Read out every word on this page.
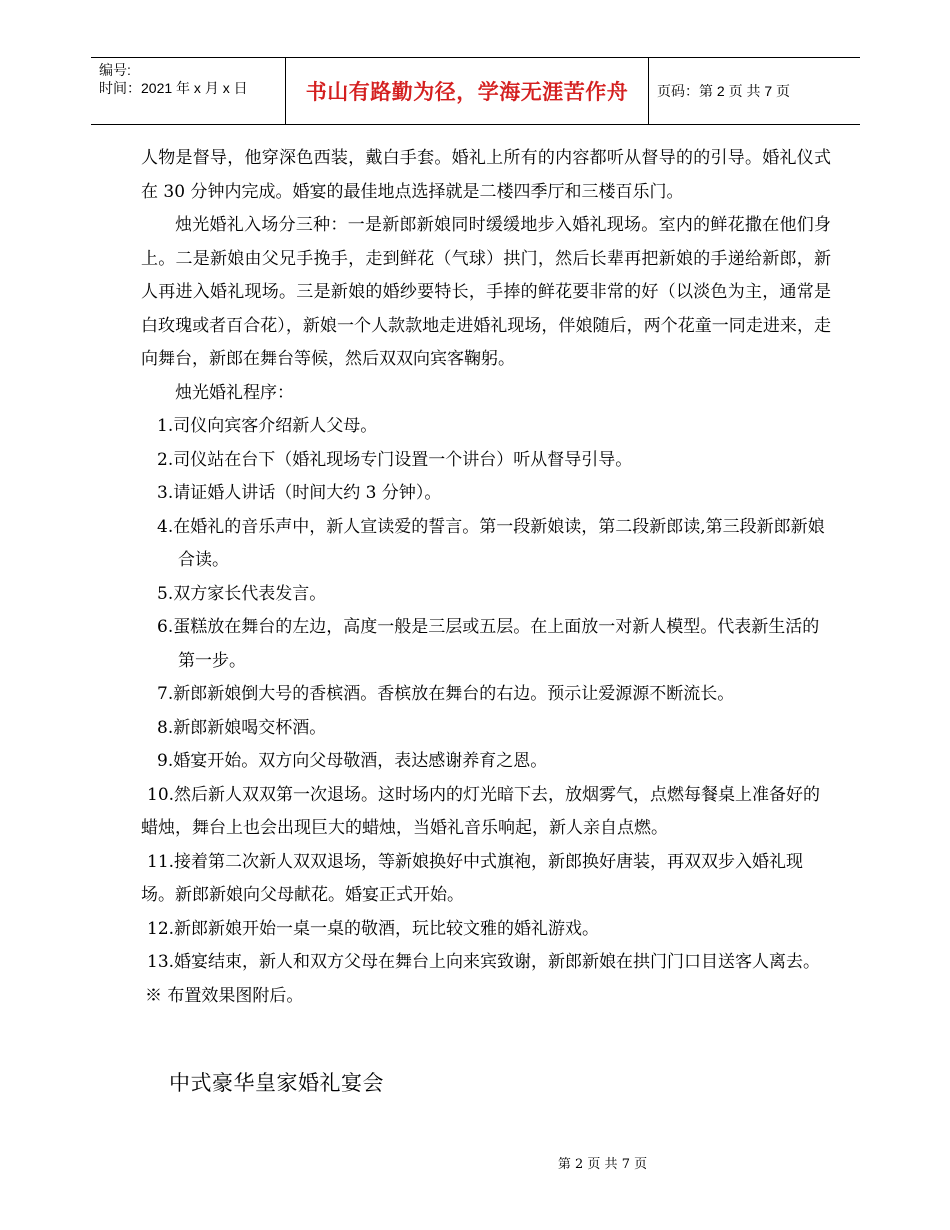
编号:
时间：2021 年 x 月 x 日	书山有路勤为径，学海无涯苦作舟 页码：第 2 页 共 7 页

人物是督导，他穿深色西装，戴白手套。婚礼上所有的内容都听从督导的的引导。婚礼仪式在 30 分钟内完成。婚宴的最佳地点选择就是二楼四季厅和三楼百乐门。

烛光婚礼入场分三种：一是新郎新娘同时缓缓地步入婚礼现场。室内的鲜花撒在他们身上。二是新娘由父兄手挽手，走到鲜花（气球）拱门，然后长辈再把新娘的手递给新郎，新人再进入婚礼现场。三是新娘的婚纱要特长，手捧的鲜花要非常的好（以淡色为主，通常是白玫瑰或者百合花），新娘一个人款款地走进婚礼现场，伴娘随后，两个花童一同走进来，走向舞台，新郎在舞台等候，然后双双向宾客鞠躬。

烛光婚礼程序：

1.司仪向宾客介绍新人父母。

2.司仪站在台下（婚礼现场专门设置一个讲台）听从督导引导。

3.请证婚人讲话（时间大约 3 分钟）。

4.在婚礼的音乐声中，新人宣读爱的誓言。第一段新娘读，第二段新郎读,第三段新郎新娘合读。

5.双方家长代表发言。

6.蛋糕放在舞台的左边，高度一般是三层或五层。在上面放一对新人模型。代表新生活的第一步。

7.新郎新娘倒大号的香槟酒。香槟放在舞台的右边。预示让爱源源不断流长。

8.新郎新娘喝交杯酒。

9.婚宴开始。双方向父母敬酒，表达感谢养育之恩。

10.然后新人双双第一次退场。这时场内的灯光暗下去，放烟雾气，点燃每餐桌上准备好的蜡烛，舞台上也会出现巨大的蜡烛，当婚礼音乐响起，新人亲自点燃。

11.接着第二次新人双双退场，等新娘换好中式旗袍，新郎换好唐装，再双双步入婚礼现场。新郎新娘向父母献花。婚宴正式开始。

12.新郎新娘开始一桌一桌的敬酒，玩比较文雅的婚礼游戏。

13.婚宴结束，新人和双方父母在舞台上向来宾致谢，新郎新娘在拱门门口目送客人离去。

※ 布置效果图附后。

中式豪华皇家婚礼宴会
第 2 页 共 7 页
